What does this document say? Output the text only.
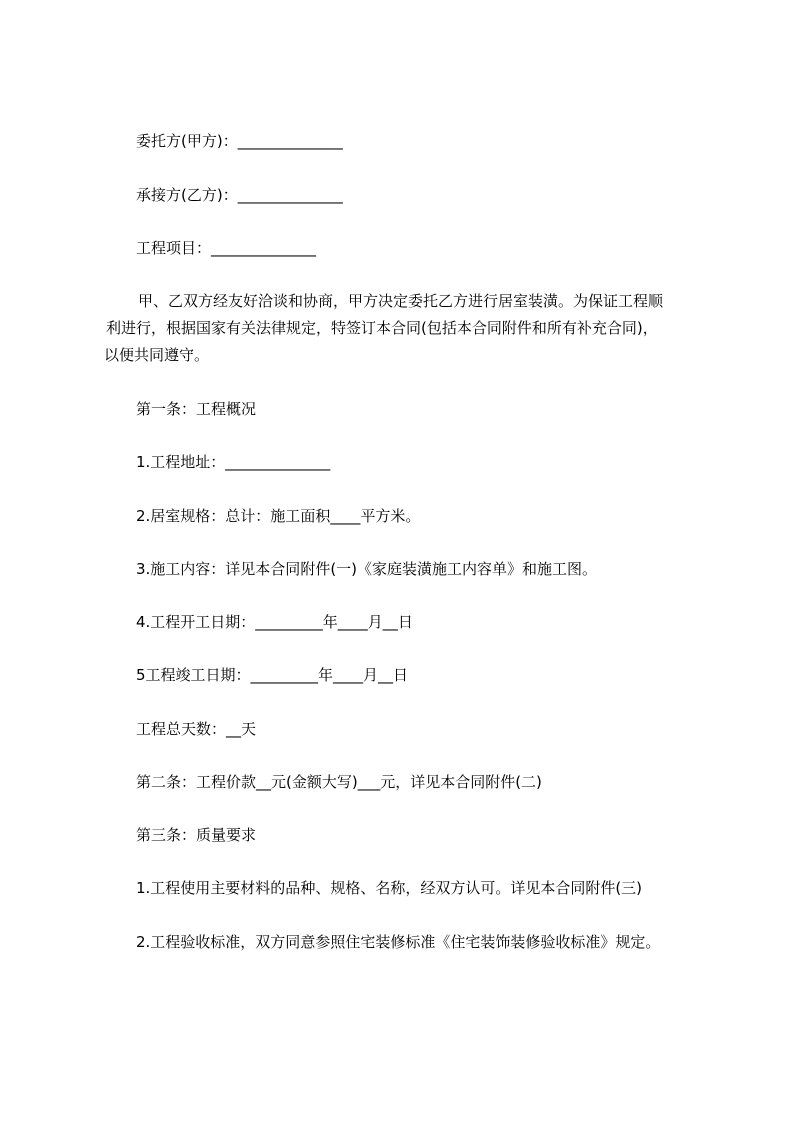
委托方(甲方)：______________
承接方(乙方)：______________
工程项目：______________
甲、乙双方经友好洽谈和协商，甲方决定委托乙方进行居室装潢。为保证工程顺
利进行，根据国家有关法律规定，特签订本合同(包括本合同附件和所有补充合同)，
以便共同遵守。
第一条：工程概况
1.工程地址：______________
2.居室规格：总计：施工面积____平方米。
3.施工内容：详见本合同附件(一)《家庭装潢施工内容单》和施工图。
4.工程开工日期：_________年____月__日
5工程竣工日期：_________年____月__日
工程总天数：__天
第二条：工程价款__元(金额大写)___元，详见本合同附件(二)
第三条：质量要求
1.工程使用主要材料的品种、规格、名称，经双方认可。详见本合同附件(三)
2.工程验收标准，双方同意参照住宅装修标准《住宅装饰装修验收标准》规定。
